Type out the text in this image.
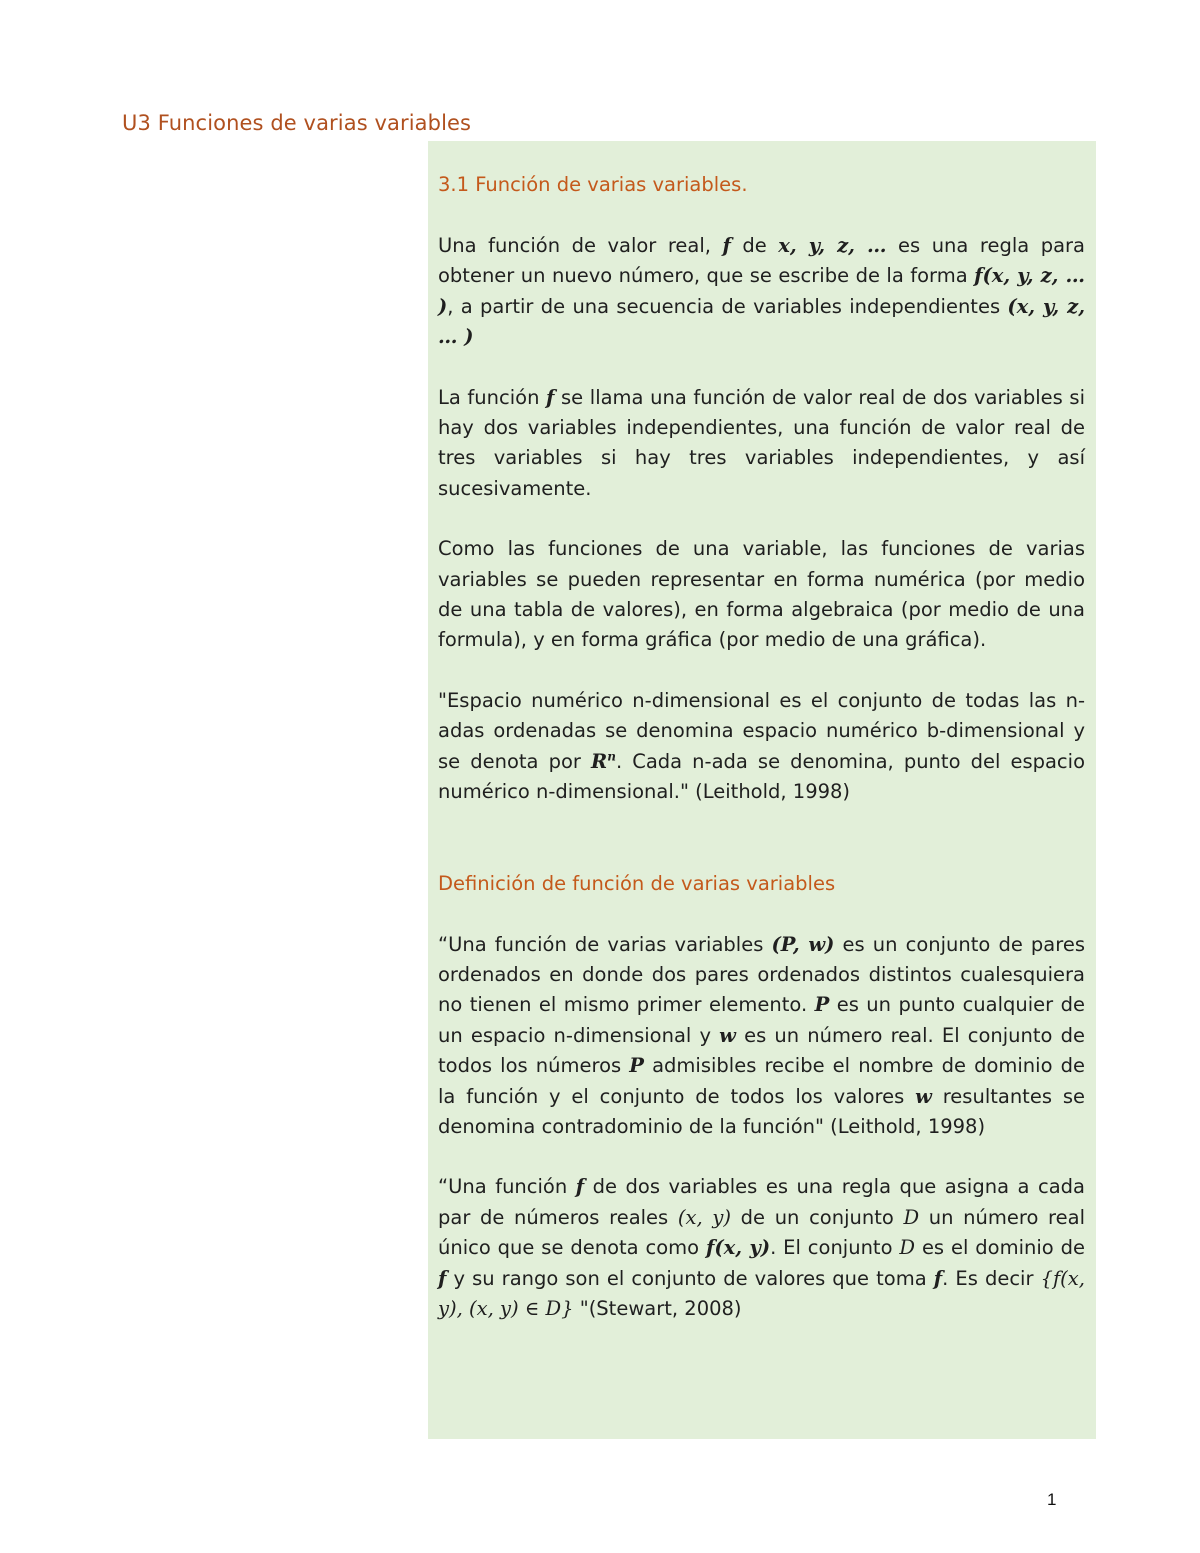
U3 Funciones de varias variables
3.1 Función de varias variables.

Una función de valor real, f de x, y, z, … es una regla para obtener un nuevo número, que se escribe de la forma f(x, y, z, … ), a partir de una secuencia de variables independientes (x, y, z, … )

La función f se llama una función de valor real de dos variables si hay dos variables independientes, una función de valor real de tres variables si hay tres variables independientes, y así sucesivamente.

Como las funciones de una variable, las funciones de varias variables se pueden representar en forma numérica (por medio de una tabla de valores), en forma algebraica (por medio de una formula), y en forma gráfica (por medio de una gráfica).

"Espacio numérico n-dimensional es el conjunto de todas las n-adas ordenadas se denomina espacio numérico b-dimensional y se denota por $R^n$. Cada n-ada se denomina, punto del espacio numérico n-dimensional." (Leithold, 1998)

Definición de función de varias variables

“Una función de varias variables (P, w) es un conjunto de pares ordenados en donde dos pares ordenados distintos cualesquiera no tienen el mismo primer elemento. P es un punto cualquier de un espacio n-dimensional y w es un número real. El conjunto de todos los números P admisibles recibe el nombre de dominio de la función y el conjunto de todos los valores w resultantes se denomina contradominio de la función" (Leithold, 1998)

“Una función f de dos variables es una regla que asigna a cada par de números reales (x, y) de un conjunto D un número real único que se denota como f(x, y). El conjunto D es el dominio de f y su rango son el conjunto de valores que toma f. Es decir {f(x, y), (x, y) ∈ D} "(Stewart, 2008)

1
